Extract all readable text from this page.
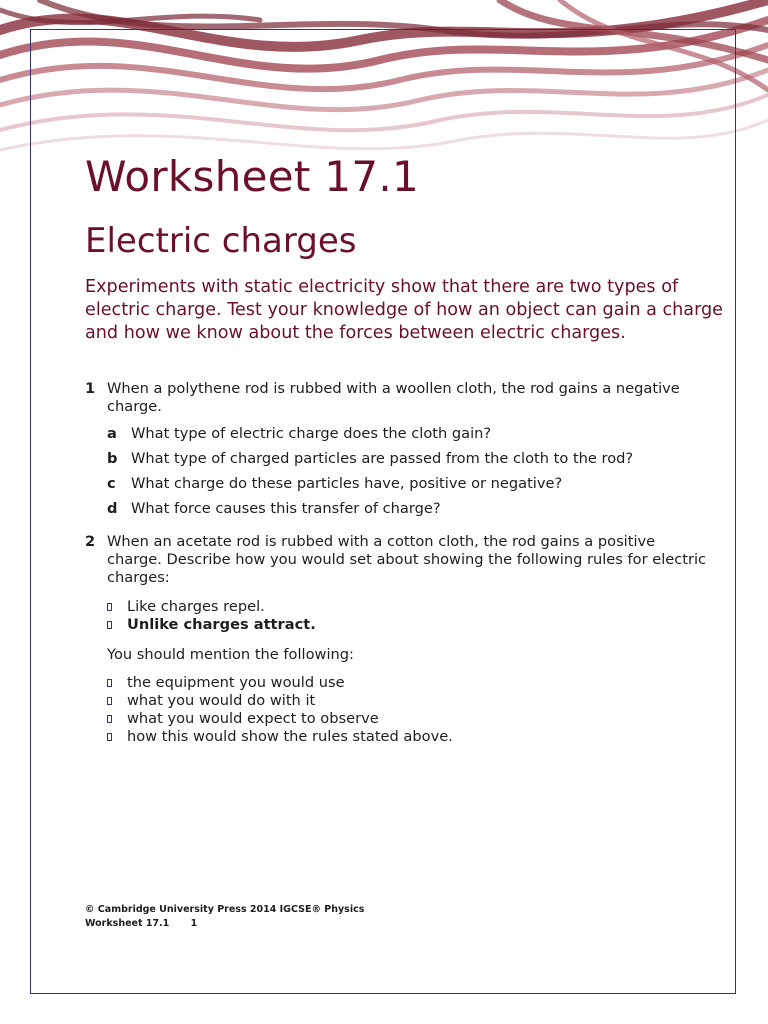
Worksheet 17.1
Electric charges

Experiments with static electricity show that there are two types of electric charge. Test your knowledge of how an object can gain a charge and how we know about the forces between electric charges.

1 When a polythene rod is rubbed with a woollen cloth, the rod gains a negative charge.
a What type of electric charge does the cloth gain?
b What type of charged particles are passed from the cloth to the rod?
c What charge do these particles have, positive or negative?
d What force causes this transfer of charge?
2 When an acetate rod is rubbed with a cotton cloth, the rod gains a positive charge. Describe how you would set about showing the following rules for electric charges:
Like charges repel.
Unlike charges attract.
You should mention the following:
the equipment you would use
what you would do with it
what you would expect to observe
how this would show the rules stated above.
© Cambridge University Press 2014 IGCSE® Physics
Worksheet 17.1 1
